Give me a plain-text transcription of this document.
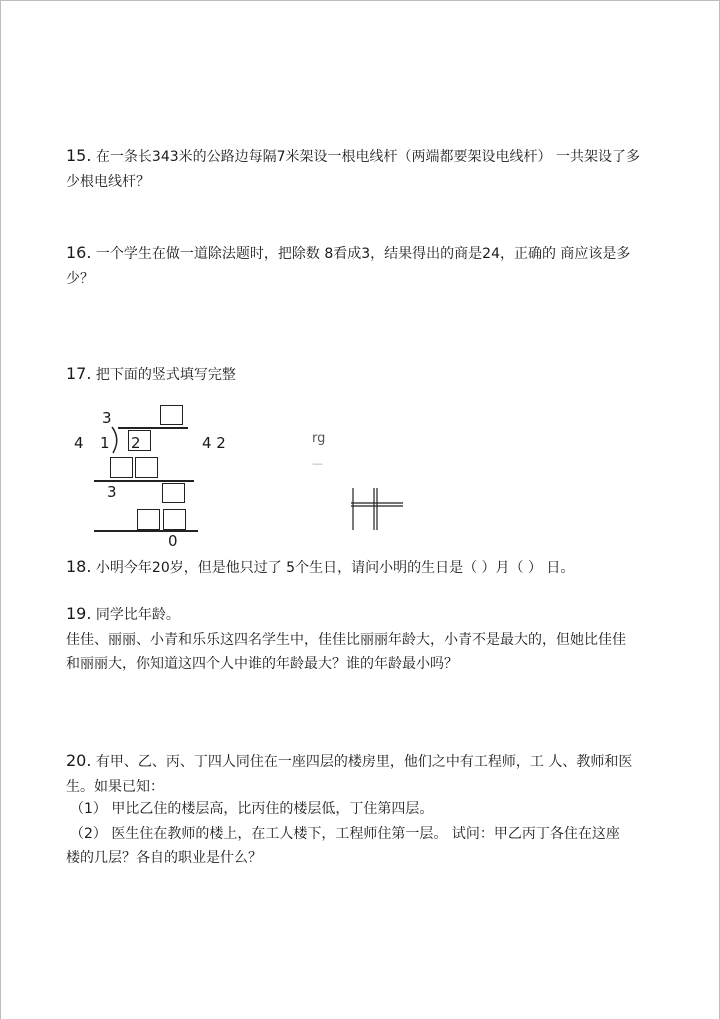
15. 在一条长343米的公路边每隔7米架设一根电线杆（两端都要架设电线杆） 一共架设了多
少根电线杆？
16. 一个学生在做一道除法题时，把除数 8看成3，结果得出的商是24，正确的 商应该是多
少？
17. 把下面的竖式填写完整
3
4 1 2	4 2
3
0
rg
—
18. 小明今年20岁，但是他只过了 5个生日，请问小明的生日是（ ）月（ ） 日。
19. 同学比年龄。
佳佳、丽丽、小青和乐乐这四名学生中，佳佳比丽丽年龄大，小青不是最大的，但她比佳佳
和丽丽大，你知道这四个人中谁的年龄最大？谁的年龄最小吗？
20. 有甲、乙、丙、丁四人同住在一座四层的楼房里，他们之中有工程师，工 人、教师和医
生。如果已知：
（1） 甲比乙住的楼层高，比丙住的楼层低，丁住第四层。
（2） 医生住在教师的楼上，在工人楼下，工程师住第一层。 试问：甲乙丙丁各住在这座
楼的几层？各自的职业是什么？
